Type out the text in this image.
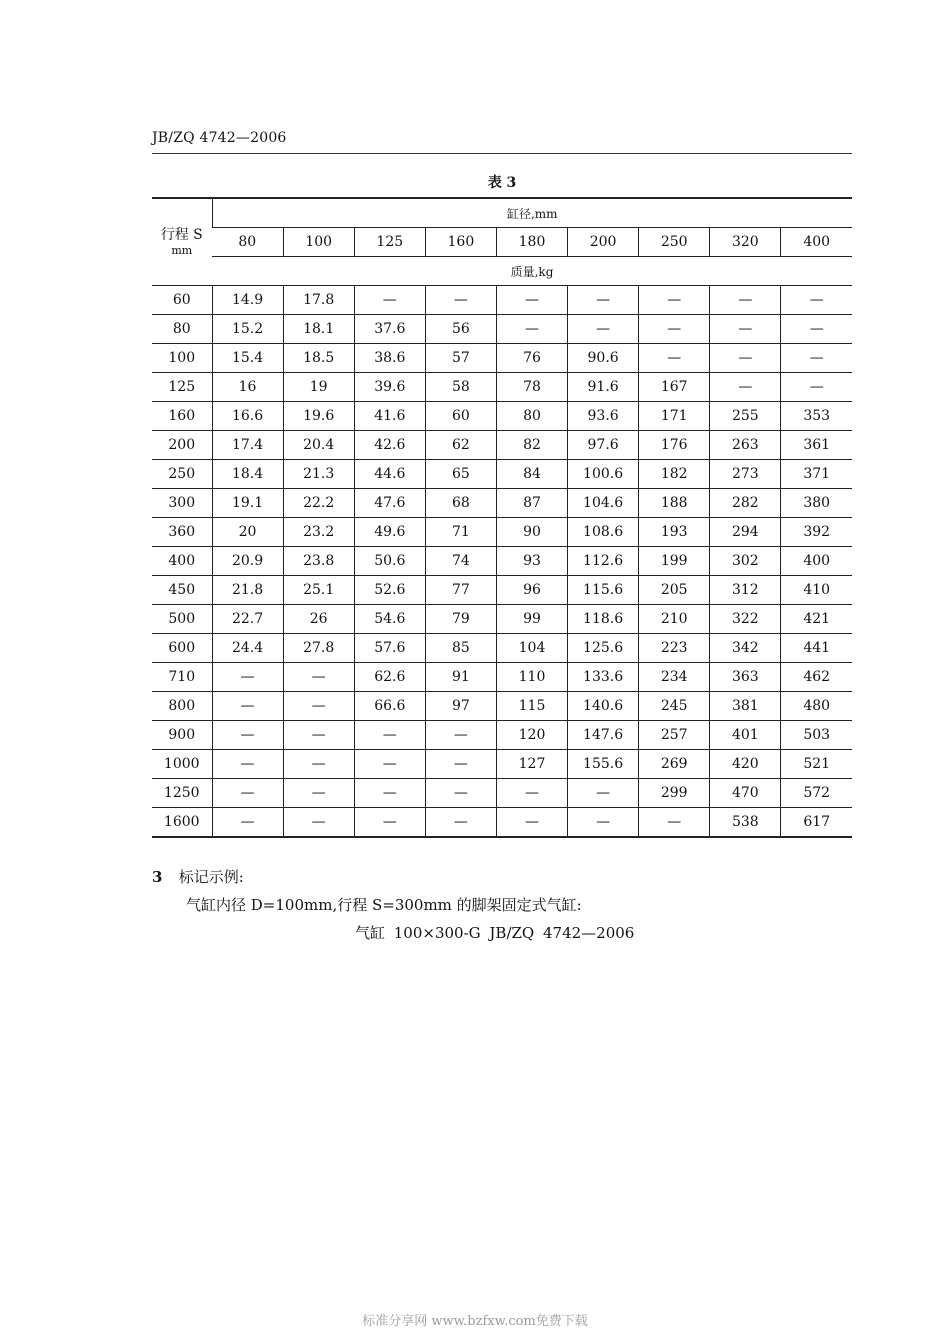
JB/ZQ 4742—2006
表 3
行程 S
mm	缸径,mm								
	80	100	125	160	180	200	250	320	400
	质量,kg								
60	14.9	17.8	—	—	—	—	—	—	—
80	15.2	18.1	37.6	56	—	—	—	—	—
100	15.4	18.5	38.6	57	76	90.6	—	—	—
125	16	19	39.6	58	78	91.6	167	—	—
160	16.6	19.6	41.6	60	80	93.6	171	255	353
200	17.4	20.4	42.6	62	82	97.6	176	263	361
250	18.4	21.3	44.6	65	84	100.6	182	273	371
300	19.1	22.2	47.6	68	87	104.6	188	282	380
360	20	23.2	49.6	71	90	108.6	193	294	392
400	20.9	23.8	50.6	74	93	112.6	199	302	400
450	21.8	25.1	52.6	77	96	115.6	205	312	410
500	22.7	26	54.6	79	99	118.6	210	322	421
600	24.4	27.8	57.6	85	104	125.6	223	342	441
710	—	—	62.6	91	110	133.6	234	363	462
800	—	—	66.6	97	115	140.6	245	381	480
900	—	—	—	—	120	147.6	257	401	503
1000	—	—	—	—	127	155.6	269	420	521
1250	—	—	—	—	—	—	299	470	572
1600	—	—	—	—	—	—	—	538	617
3 标记示例:
气缸内径 D=100mm,行程 S=300mm 的脚架固定式气缸:
气缸 100×300-G JB/ZQ 4742—2006
标准分享网 www.bzfxw.com免费下载
